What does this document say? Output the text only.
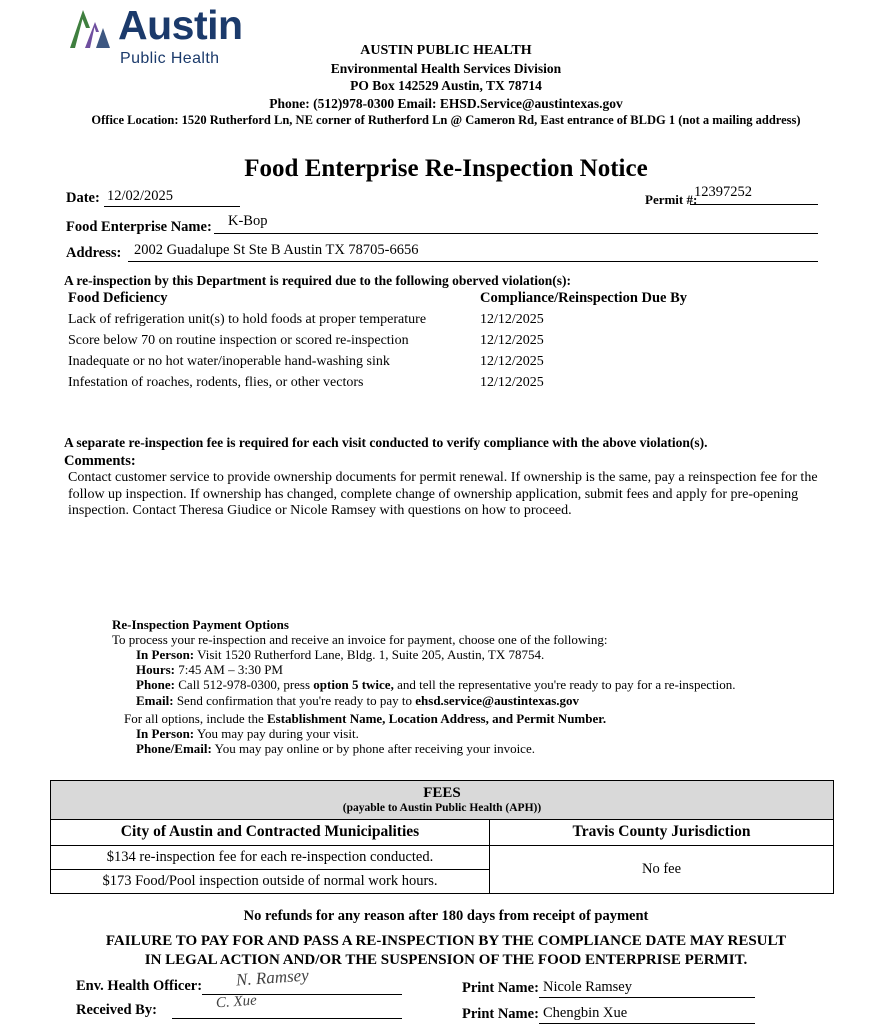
Austin
Public Health	AUSTIN PUBLIC HEALTH
Environmental Health Services Division
PO Box 142529 Austin, TX 78714
Phone: (512)978-0300 Email: EHSD.Service@austintexas.gov
Office Location: 1520 Rutherford Ln, NE corner of Rutherford Ln @ Cameron Rd, East entrance of BLDG 1 (not a mailing address)
Food Enterprise Re-Inspection Notice
Date: 12/02/2025	Permit #:
12397252
Food Enterprise Name: K-Bop
Address: 2002 Guadalupe St Ste B Austin TX 78705-6656
A re-inspection by this Department is required due to the following oberved violation(s):
Food Deficiency	Compliance/Reinspection Due By
Lack of refrigeration unit(s) to hold foods at proper temperature	12/12/2025
Score below 70 on routine inspection or scored re-inspection	12/12/2025
Inadequate or no hot water/inoperable hand-washing sink	12/12/2025
Infestation of roaches, rodents, flies, or other vectors	12/12/2025
A separate re-inspection fee is required for each visit conducted to verify compliance with the above violation(s).
Comments:
Contact customer service to provide ownership documents for permit renewal. If ownership is the same, pay a reinspection fee for the follow up inspection. If ownership has changed, complete change of ownership application, submit fees and apply for pre-opening inspection. Contact Theresa Giudice or Nicole Ramsey with questions on how to proceed.
Re-Inspection Payment Options
To process your re-inspection and receive an invoice for payment, choose one of the following:
In Person: Visit 1520 Rutherford Lane, Bldg. 1, Suite 205, Austin, TX 78754.
Hours: 7:45 AM – 3:30 PM
Phone: Call 512-978-0300, press option 5 twice, and tell the representative you're ready to pay for a re-inspection.
Email: Send confirmation that you're ready to pay to ehsd.service@austintexas.gov
For all options, include the Establishment Name, Location Address, and Permit Number.
In Person: You may pay during your visit.
Phone/Email: You may pay online or by phone after receiving your invoice.
FEES
(payable to Austin Public Health (APH))	

City of Austin and Contracted Municipalities	Travis County Jurisdiction
$134 re-inspection fee for each re-inspection conducted.	No fee
$173 Food/Pool inspection outside of normal work hours.	
No refunds for any reason after 180 days from receipt of payment
FAILURE TO PAY FOR AND PASS A RE-INSPECTION BY THE COMPLIANCE DATE MAY RESULT
IN LEGAL ACTION AND/OR THE SUSPENSION OF THE FOOD ENTERPRISE PERMIT.
Env. Health Officer: N. Ramsey
Received By:	C. Xue
Print Name: Nicole Ramsey
Print Name: Chengbin Xue
